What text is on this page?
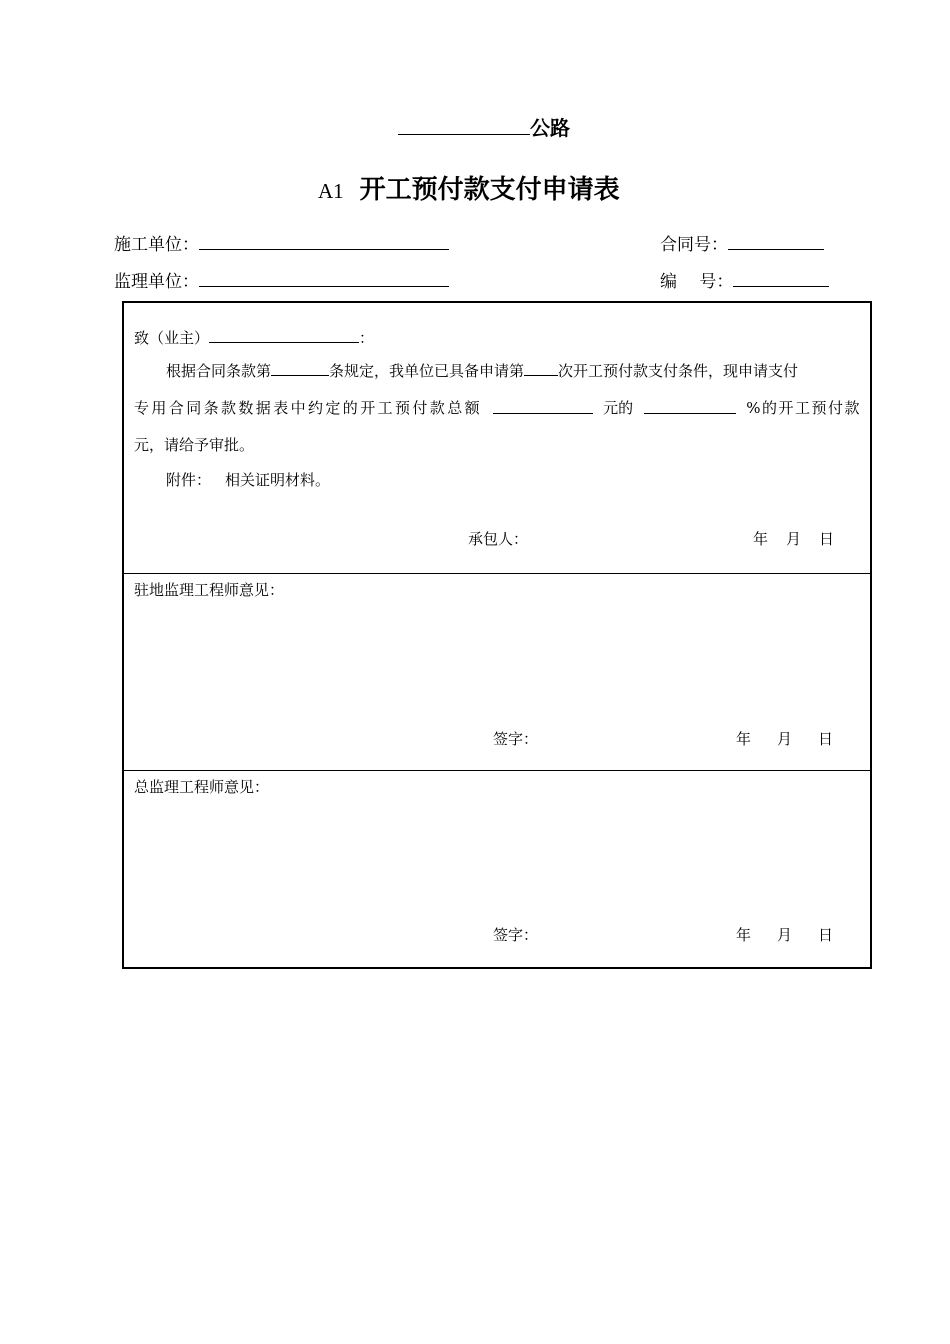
公路
A1 开工预付款支付申请表
施工单位：	合同号：
监理单位：	编　 号：
致（业主）	：
根据合同条款第	条规定，我单位已具备申请第 次开工预付款支付条件，现申请支付
专用合同条款数据表中约定的开工预付款总额	元的	%的开工预付款
元，请给予审批。
附件： 相关证明材料。
承包人：	年 月 日
驻地监理工程师意见：
签字：	年 月 日
总监理工程师意见：
签字：	年 月 日
